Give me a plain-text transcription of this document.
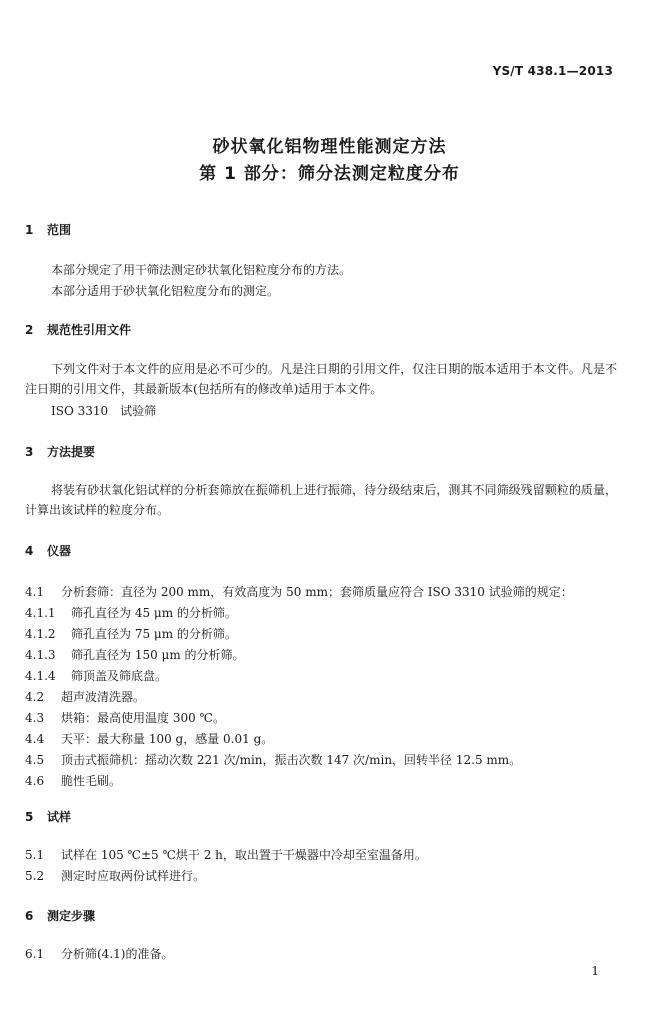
YS/T 438.1—2013
砂状氧化铝物理性能测定方法
第 1 部分：筛分法测定粒度分布
1 范围
本部分规定了用干筛法测定砂状氧化铝粒度分布的方法。
本部分适用于砂状氧化铝粒度分布的测定。
2 规范性引用文件
下列文件对于本文件的应用是必不可少的。凡是注日期的引用文件，仅注日期的版本适用于本文件。凡是不注日期的引用文件，其最新版本(包括所有的修改单)适用于本文件。
ISO 3310　试验筛
3 方法提要
将装有砂状氧化铝试样的分析套筛放在振筛机上进行振筛，待分级结束后，测其不同筛级残留颗粒的质量，计算出该试样的粒度分布。
4 仪器
4.1 分析套筛：直径为 200 mm，有效高度为 50 mm；套筛质量应符合 ISO 3310 试验筛的规定：
4.1.1 筛孔直径为 45 μm 的分析筛。
4.1.2 筛孔直径为 75 μm 的分析筛。
4.1.3 筛孔直径为 150 μm 的分析筛。
4.1.4 筛顶盖及筛底盘。
4.2 超声波清洗器。
4.3 烘箱：最高使用温度 300 ℃。
4.4 天平：最大称量 100 g，感量 0.01 g。
4.5 顶击式振筛机：摇动次数 221 次/min，振击次数 147 次/min，回转半径 12.5 mm。
4.6 脆性毛刷。
5 试样
5.1 试样在 105 ℃±5 ℃烘干 2 h，取出置于干燥器中冷却至室温备用。
5.2 测定时应取两份试样进行。
6 测定步骤
6.1 分析筛(4.1)的准备。
1
